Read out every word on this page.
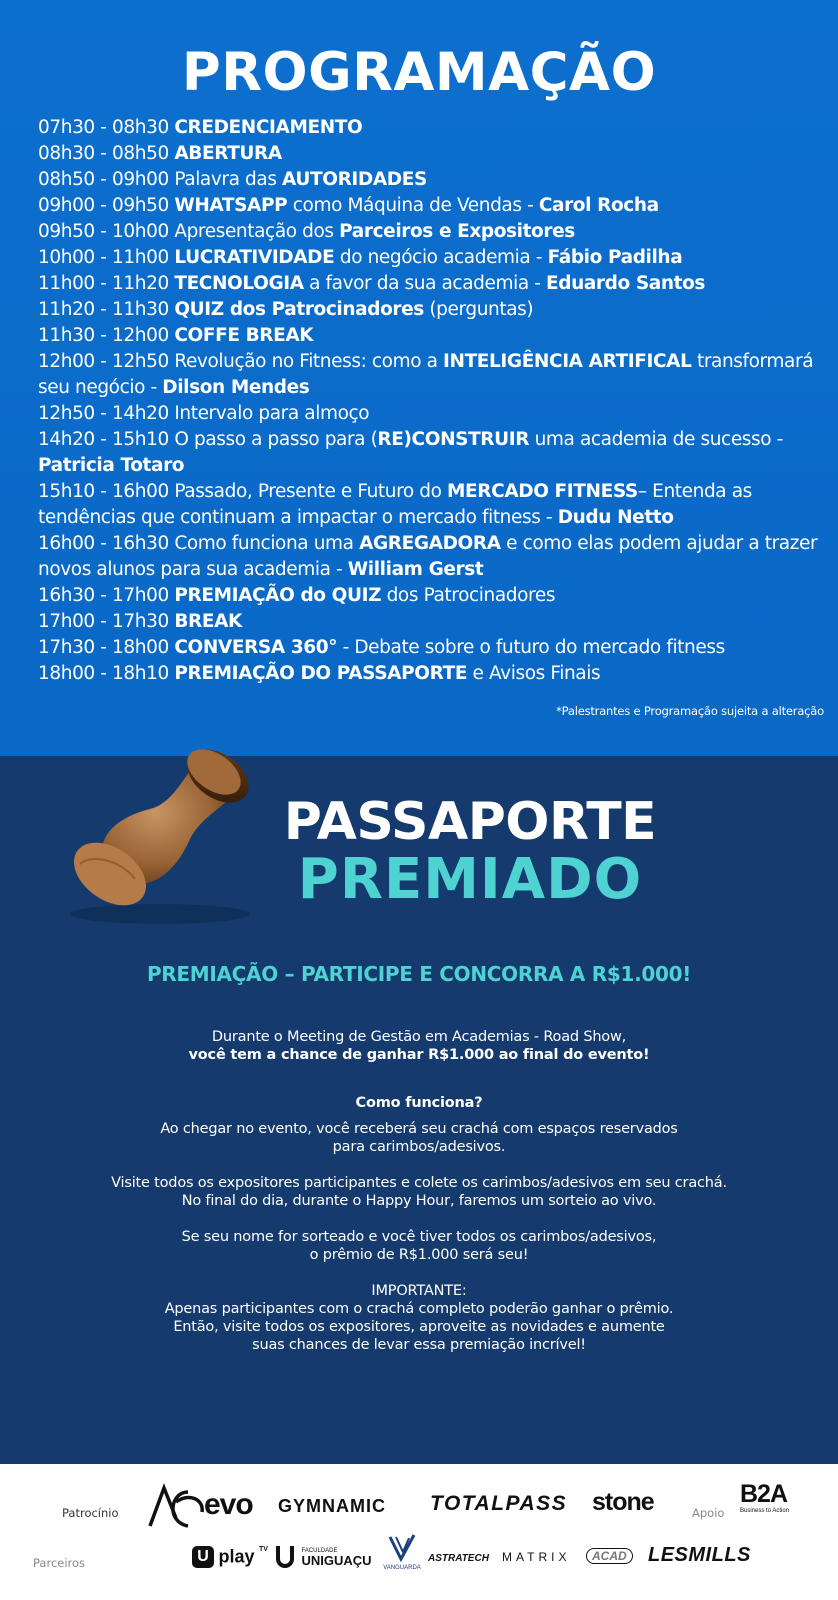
PROGRAMAÇÃO
07h30 - 08h30 CREDENCIAMENTO
08h30 - 08h50 ABERTURA
08h50 - 09h00 Palavra das AUTORIDADES
09h00 - 09h50 WHATSAPP como Máquina de Vendas - Carol Rocha
09h50 - 10h00 Apresentação dos Parceiros e Expositores
10h00 - 11h00 LUCRATIVIDADE do negócio academia - Fábio Padilha
11h00 - 11h20 TECNOLOGIA a favor da sua academia - Eduardo Santos
11h20 - 11h30 QUIZ dos Patrocinadores (perguntas)
11h30 - 12h00 COFFE BREAK
12h00 - 12h50 Revolução no Fitness: como a INTELIGÊNCIA ARTIFICAL transformará seu negócio - Dilson Mendes
12h50 - 14h20 Intervalo para almoço
14h20 - 15h10 O passo a passo para (RE)CONSTRUIR uma academia de sucesso - Patricia Totaro
15h10 - 16h00 Passado, Presente e Futuro do MERCADO FITNESS– Entenda as tendências que continuam a impactar o mercado fitness - Dudu Netto
16h00 - 16h30 Como funciona uma AGREGADORA e como elas podem ajudar a trazer novos alunos para sua academia - William Gerst
16h30 - 17h00 PREMIAÇÃO do QUIZ dos Patrocinadores
17h00 - 17h30 BREAK
17h30 - 18h00 CONVERSA 360° - Debate sobre o futuro do mercado fitness
18h00 - 18h10 PREMIAÇÃO DO PASSAPORTE e Avisos Finais
*Palestrantes e Programação sujeita a alteração
PASSAPORTE
PREMIADO
PREMIAÇÃO – PARTICIPE E CONCORRA A R$1.000!
Durante o Meeting de Gestão em Academias - Road Show,
você tem a chance de ganhar R$1.000 ao final do evento!
Como funciona?
Ao chegar no evento, você receberá seu crachá com espaços reservados
para carimbos/adesivos.
Visite todos os expositores participantes e colete os carimbos/adesivos em seu crachá.
No final do dia, durante o Happy Hour, faremos um sorteio ao vivo.
Se seu nome for sorteado e você tiver todos os carimbos/adesivos,
o prêmio de R$1.000 será seu!
IMPORTANTE:
Apenas participantes com o crachá completo poderão ganhar o prêmio.
Então, visite todos os expositores, aproveite as novidades e aumente
suas chances de levar essa premiação incrível!
Patrocínio	evo GYMNAMIC TOTALPASS stone	Apoio
B2A
Business to Action
Parceiros	U play $^{TV}$
	FACULDADE
UNIGUAÇU
VANGUARDA
ASTRATECH MATRIX	ACAD	LESMILLS
